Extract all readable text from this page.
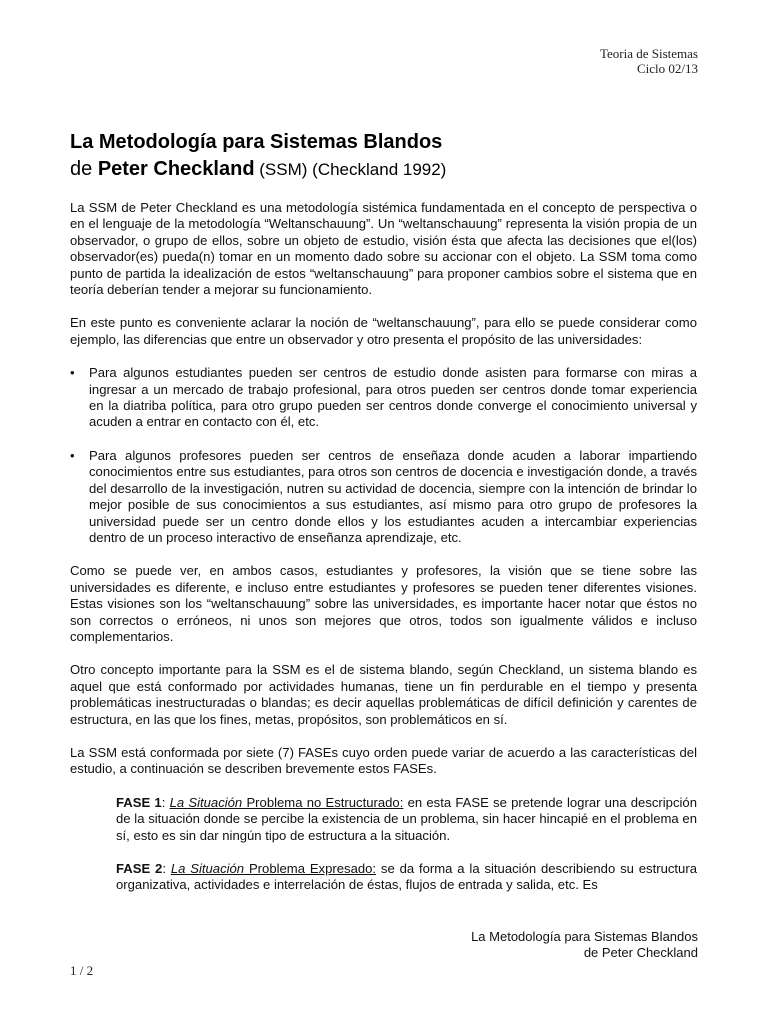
Teoria de Sistemas
Ciclo 02/13
La Metodología para Sistemas Blandos
de Peter Checkland (SSM) (Checkland 1992)

La SSM de Peter Checkland es una metodología sistémica fundamentada en el concepto de perspectiva o en el lenguaje de la metodología “Weltanschauung”. Un “weltanschauung” representa la visión propia de un observador, o grupo de ellos, sobre un objeto de estudio, visión ésta que afecta las decisiones que el(los) observador(es) pueda(n) tomar en un momento dado sobre su accionar con el objeto. La SSM toma como punto de partida la idealización de estos “weltanschauung” para proponer cambios sobre el sistema que en teoría deberían tender a mejorar su funcionamiento.

En este punto es conveniente aclarar la noción de “weltanschauung”, para ello se puede considerar como ejemplo, las diferencias que entre un observador y otro presenta el propósito de las universidades:

• Para algunos estudiantes pueden ser centros de estudio donde asisten para formarse con miras a ingresar a un mercado de trabajo profesional, para otros pueden ser centros donde tomar experiencia en la diatriba política, para otro grupo pueden ser centros donde converge el conocimiento universal y acuden a entrar en contacto con él, etc.
• Para algunos profesores pueden ser centros de enseñaza donde acuden a laborar impartiendo conocimientos entre sus estudiantes, para otros son centros de docencia e investigación donde, a través del desarrollo de la investigación, nutren su actividad de docencia, siempre con la intención de brindar lo mejor posible de sus conocimientos a sus estudiantes, así mismo para otro grupo de profesores la universidad puede ser un centro donde ellos y los estudiantes acuden a intercambiar experiencias dentro de un proceso interactivo de enseñanza aprendizaje, etc.

Como se puede ver, en ambos casos, estudiantes y profesores, la visión que se tiene sobre las universidades es diferente, e incluso entre estudiantes y profesores se pueden tener diferentes visiones. Estas visiones son los “weltanschauung” sobre las universidades, es importante hacer notar que éstos no son correctos o erróneos, ni unos son mejores que otros, todos son igualmente válidos e incluso complementarios.

Otro concepto importante para la SSM es el de sistema blando, según Checkland, un sistema blando es aquel que está conformado por actividades humanas, tiene un fin perdurable en el tiempo y presenta problemáticas inestructuradas o blandas; es decir aquellas problemáticas de difícil definición y carentes de estructura, en las que los fines, metas, propósitos, son problemáticos en sí.

La SSM está conformada por siete (7) FASEs cuyo orden puede variar de acuerdo a las características del estudio, a continuación se describen brevemente estos FASEs.

FASE 1: La Situación Problema no Estructurado: en esta FASE se pretende lograr una descripción de la situación donde se percibe la existencia de un problema, sin hacer hincapié en el problema en sí, esto es sin dar ningún tipo de estructura a la situación.
FASE 2: La Situación Problema Expresado: se da forma a la situación describiendo su estructura organizativa, actividades e interrelación de éstas, flujos de entrada y salida, etc. Es
La Metodología para Sistemas Blandos
de Peter Checkland
1 / 2
